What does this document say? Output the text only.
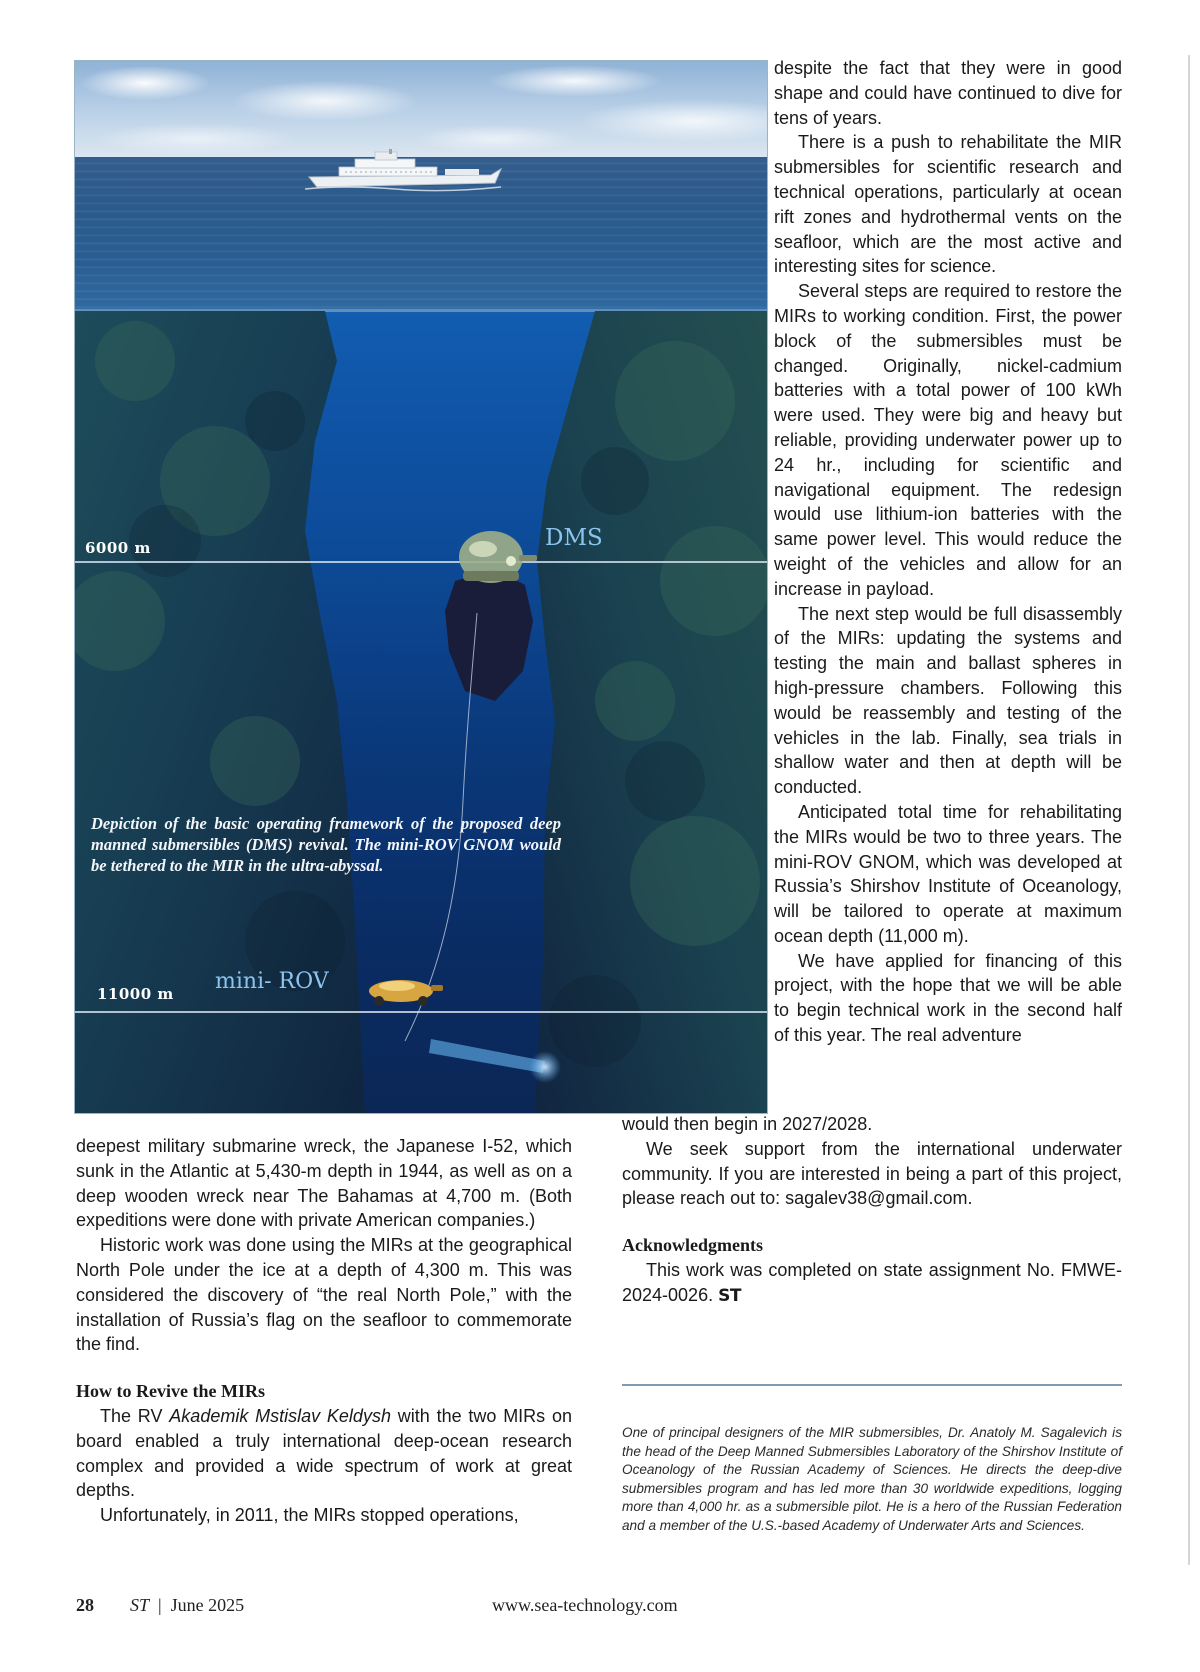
DMS
mini- ROV
6000 m
11000 m
Depiction of the basic operating framework of the proposed deep manned submersibles (DMS) revival. The mini-ROV GNOM would be tethered to the MIR in the ultra-abyssal.

despite the fact that they were in good shape and could have continued to dive for tens of years.

There is a push to rehabilitate the MIR submersibles for scientific research and technical operations, particularly at ocean rift zones and hydrothermal vents on the seafloor, which are the most active and interesting sites for science.

Several steps are required to restore the MIRs to working condition. First, the power block of the submersibles must be changed. Originally, nickel-cadmium batteries with a total power of 100 kWh were used. They were big and heavy but reliable, providing underwater power up to 24 hr., including for scientific and navigational equipment. The redesign would use lithium-ion batteries with the same power level. This would reduce the weight of the vehicles and allow for an increase in payload.

The next step would be full disassembly of the MIRs: updating the systems and testing the main and ballast spheres in high-pressure chambers. Following this would be reassembly and testing of the vehicles in the lab. Finally, sea trials in shallow water and then at depth will be conducted.

Anticipated total time for rehabilitating the MIRs would be two to three years. The mini-ROV GNOM, which was developed at Russia’s Shirshov Institute of Oceanology, will be tailored to operate at maximum ocean depth (11,000 m).

We have applied for financing of this project, with the hope that we will be able to begin technical work in the second half of this year. The real adventure

would then begin in 2027/2028.

We seek support from the international underwater community. If you are interested in being a part of this project, please reach out to: sagalev38@gmail.com.

Acknowledgments

This work was completed on state assignment No. FMWE-2024-0026. ST

deepest military submarine wreck, the Japanese I-52, which sunk in the Atlantic at 5,430-m depth in 1944, as well as on a deep wooden wreck near The Bahamas at 4,700 m. (Both expeditions were done with private American companies.)

Historic work was done using the MIRs at the geographical North Pole under the ice at a depth of 4,300 m. This was considered the discovery of “the real North Pole,” with the installation of Russia’s flag on the seafloor to commemorate the find.

How to Revive the MIRs

The RV Akademik Mstislav Keldysh with the two MIRs on board enabled a truly international deep-ocean research complex and provided a wide spectrum of work at great depths.

Unfortunately, in 2011, the MIRs stopped operations,

One of principal designers of the MIR submersibles, Dr. Anatoly M. Sagalevich is the head of the Deep Manned Submersibles Laboratory of the Shirshov Institute of Oceanology of the Russian Academy of Sciences. He directs the deep-dive submersibles program and has led more than 30 worldwide expeditions, logging more than 4,000 hr. as a submersible pilot. He is a hero of the Russian Federation and a member of the U.S.-based Academy of Underwater Arts and Sciences.
28 ST | June 2025	www.sea-technology.com
